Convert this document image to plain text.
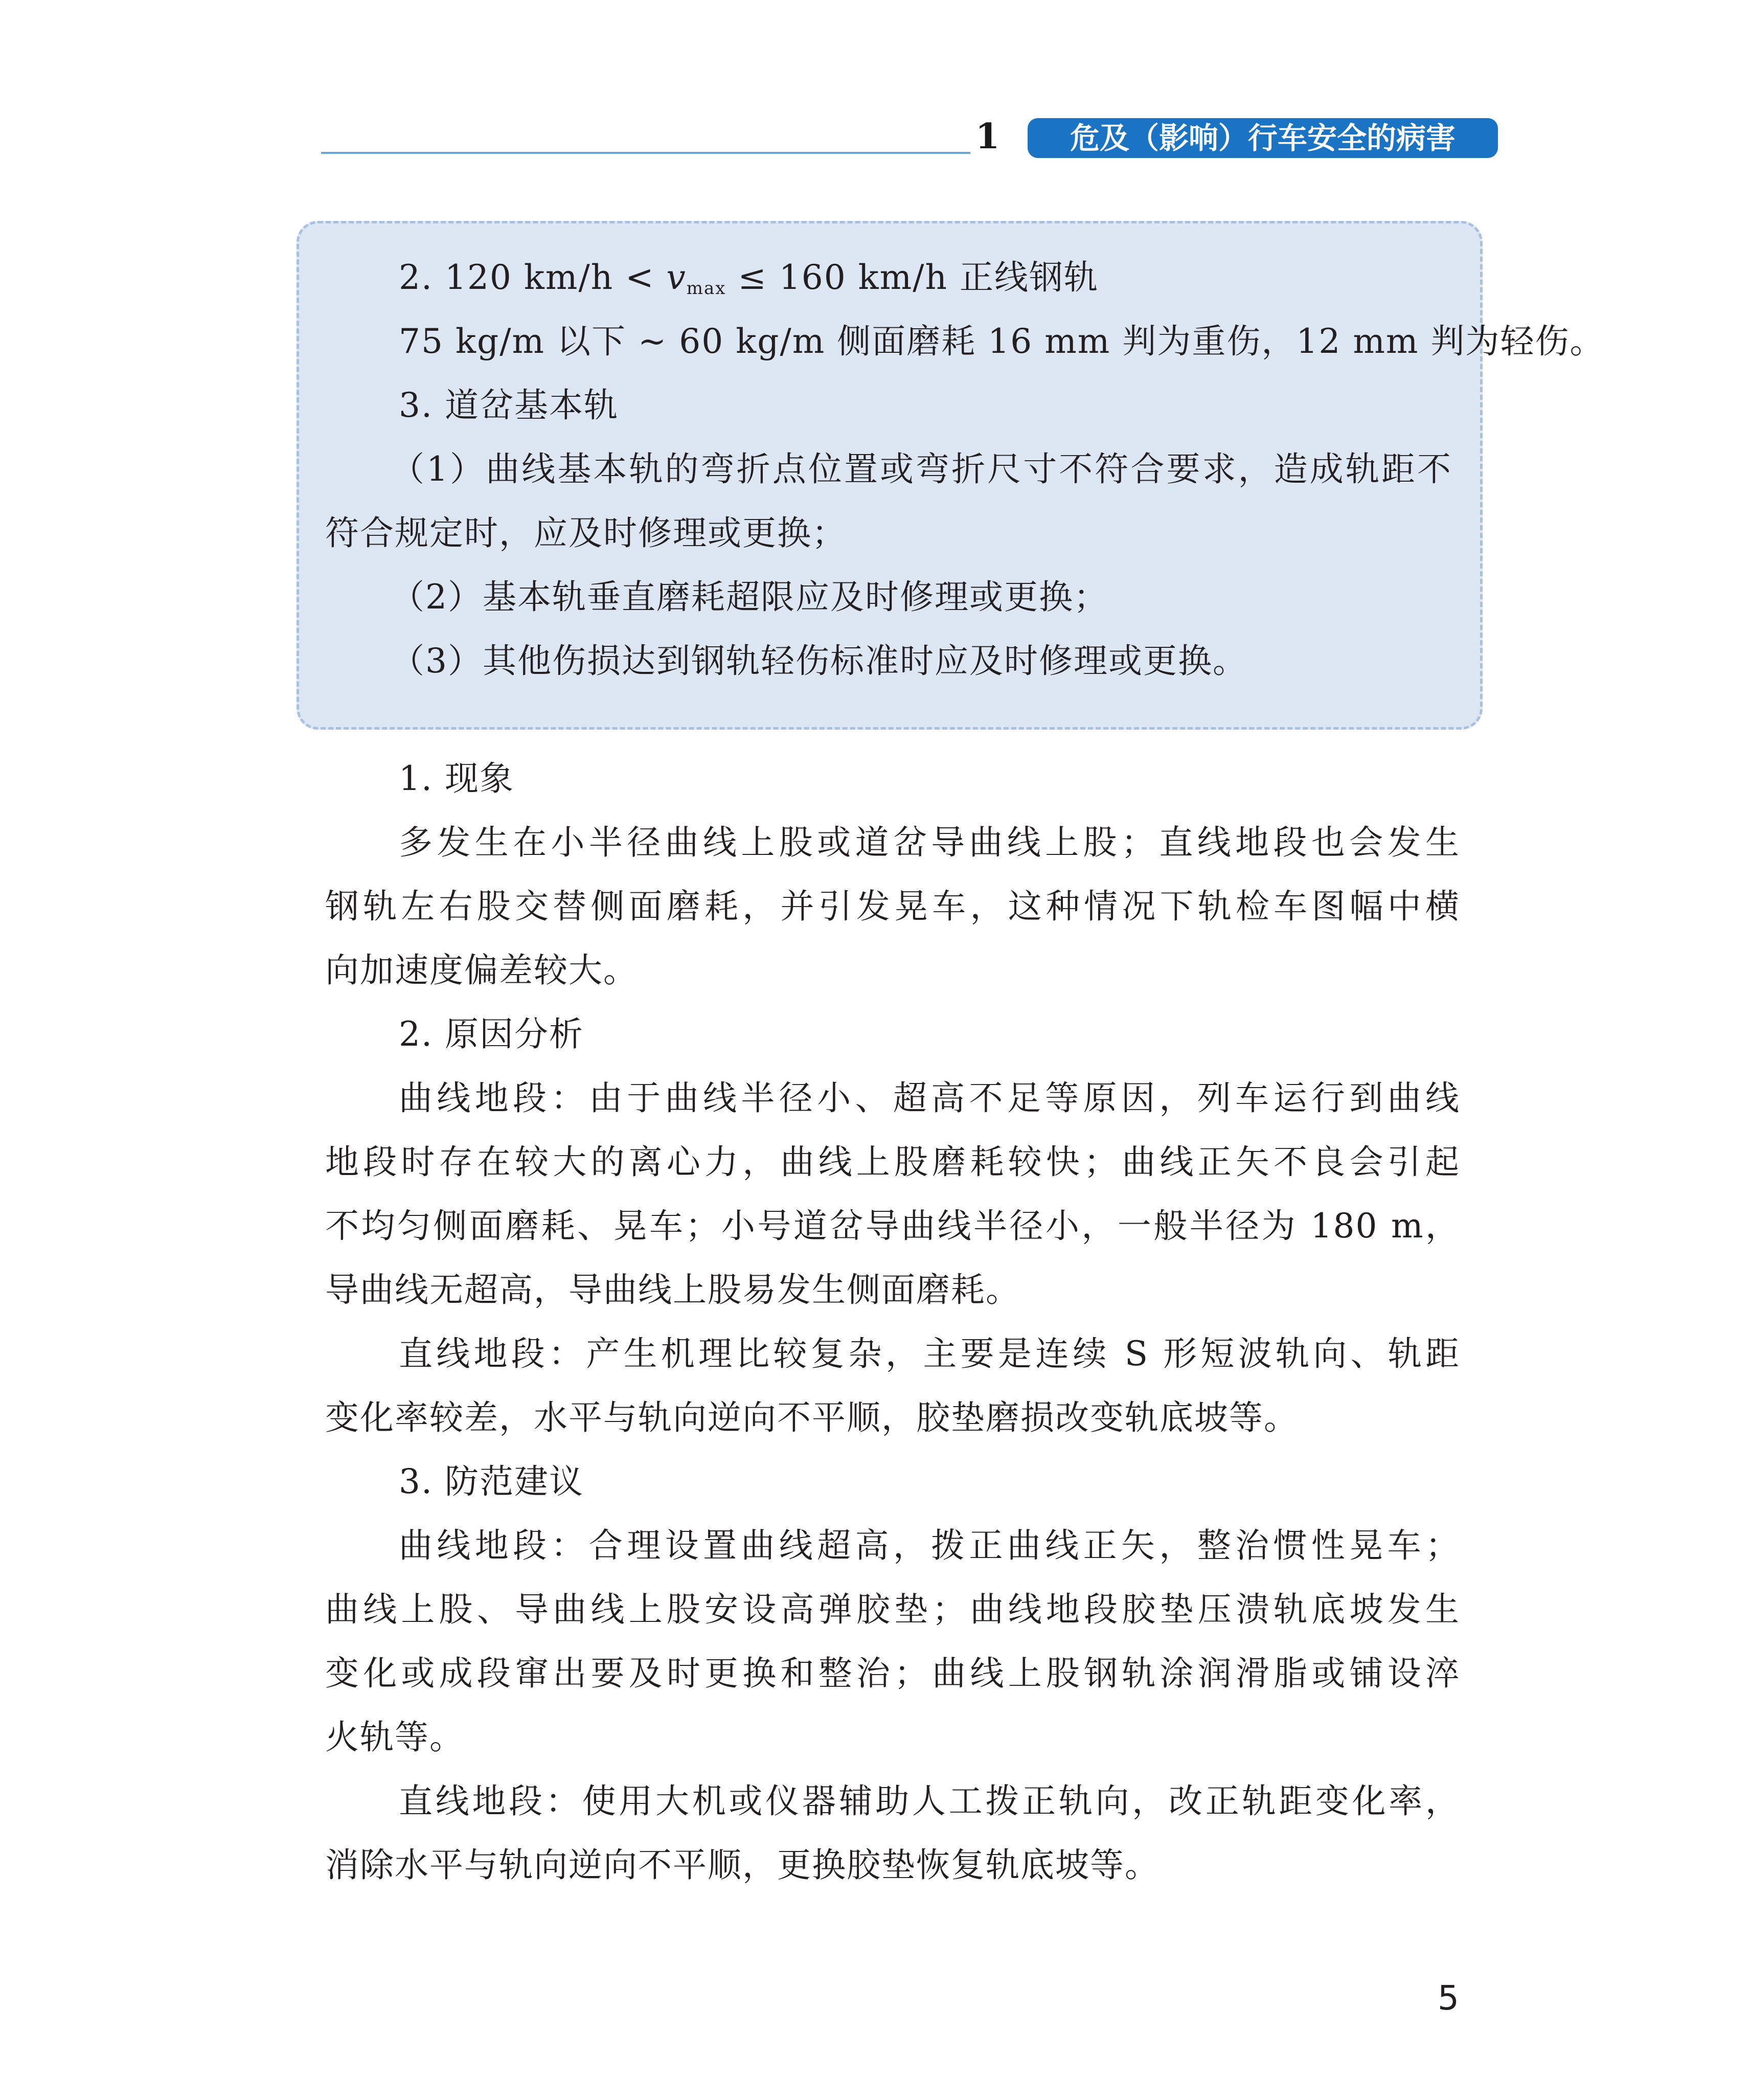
1	危及（影响）行车安全的病害
2. 120 km/h < vmax ≤ 160 km/h 正线钢轨
75 kg/m 以下 ~ 60 kg/m 侧面磨耗 16 mm 判为重伤，12 mm 判为轻伤。
3. 道岔基本轨
（1）曲线基本轨的弯折点位置或弯折尺寸不符合要求，造成轨距不
符合规定时，应及时修理或更换；
（2）基本轨垂直磨耗超限应及时修理或更换；
（3）其他伤损达到钢轨轻伤标准时应及时修理或更换。
1. 现象
多发生在小半径曲线上股或道岔导曲线上股；直线地段也会发生
钢轨左右股交替侧面磨耗，并引发晃车，这种情况下轨检车图幅中横
向加速度偏差较大。
2. 原因分析
曲线地段：由于曲线半径小、超高不足等原因，列车运行到曲线
地段时存在较大的离心力，曲线上股磨耗较快；曲线正矢不良会引起
不均匀侧面磨耗、晃车；小号道岔导曲线半径小，一般半径为 180 m，
导曲线无超高，导曲线上股易发生侧面磨耗。
直线地段：产生机理比较复杂，主要是连续 S 形短波轨向、轨距
变化率较差，水平与轨向逆向不平顺，胶垫磨损改变轨底坡等。
3. 防范建议
曲线地段：合理设置曲线超高，拨正曲线正矢，整治惯性晃车；
曲线上股、导曲线上股安设高弹胶垫；曲线地段胶垫压溃轨底坡发生
变化或成段窜出要及时更换和整治；曲线上股钢轨涂润滑脂或铺设淬
火轨等。
直线地段：使用大机或仪器辅助人工拨正轨向，改正轨距变化率，
消除水平与轨向逆向不平顺，更换胶垫恢复轨底坡等。
5
